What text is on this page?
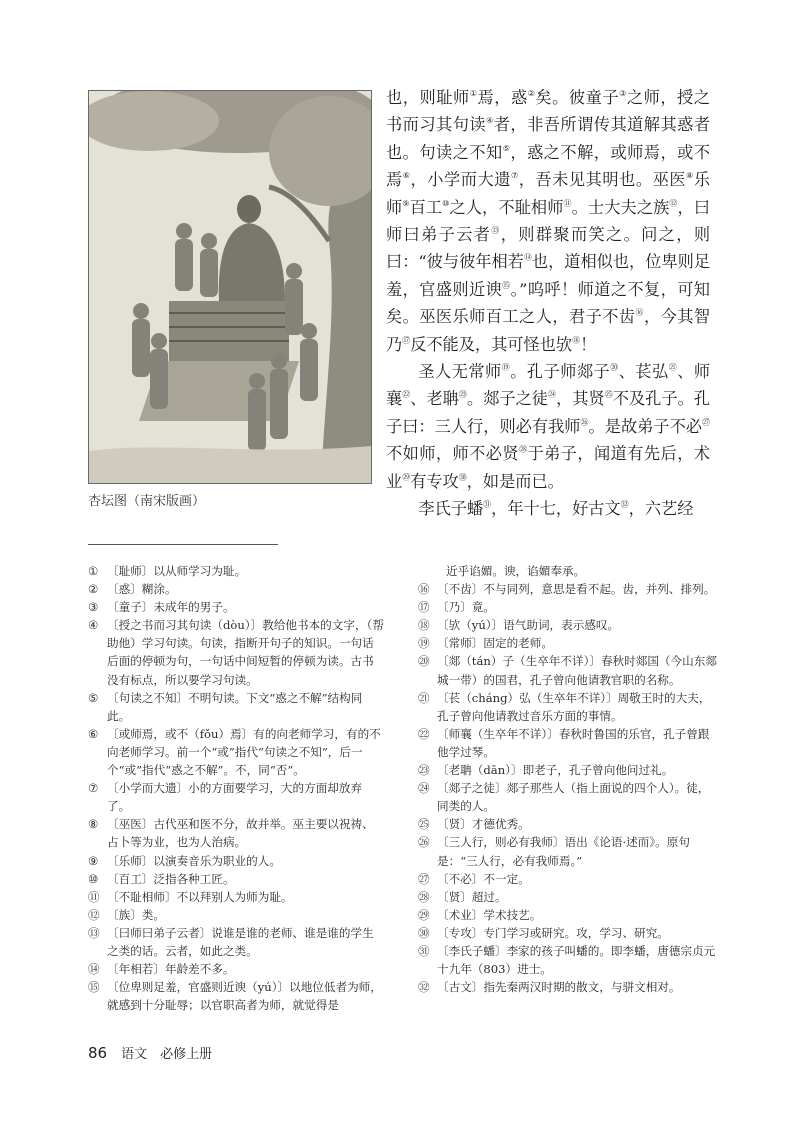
杏坛图（南宋版画）

也，则耻师①焉，惑②矣。彼童子③之师，授之书而习其句读④者，非吾所谓传其道解其惑者也。句读之不知⑤，惑之不解，或师焉，或不焉⑥，小学而大遗⑦，吾未见其明也。巫医⑧乐师⑨百工⑩之人，不耻相师⑪。士大夫之族⑫，曰师曰弟子云者⑬，则群聚而笑之。问之，则曰：“彼与彼年相若⑭也，道相似也，位卑则足羞，官盛则近谀⑮。”呜呼！师道之不复，可知矣。巫医乐师百工之人，君子不齿⑯，今其智乃⑰反不能及，其可怪也欤⑱！

圣人无常师⑲。孔子师郯子⑳、苌弘$^㉑$、师襄$^㉒$、老聃$^㉓$。郯子之徒$^㉔$，其贤$^㉕$不及孔子。孔子曰：三人行，则必有我师$^㉖$。是故弟子不必$^㉗$不如师，师不必贤$^㉘$于弟子，闻道有先后，术业$^㉙$有专攻$^㉚$，如是而已。

李氏子蟠$^㉛$，年十七，好古文$^㉜$，六艺经

① 〔耻师〕以从师学习为耻。
② 〔惑〕糊涂。
③ 〔童子〕未成年的男子。
④ 〔授之书而习其句读（dòu）〕教给他书本的文字，（帮助他）学习句读。句读，指断开句子的知识。一句话后面的停顿为句，一句话中间短暂的停顿为读。古书没有标点，所以要学习句读。
⑤ 〔句读之不知〕不明句读。下文“惑之不解”结构同此。
⑥ 〔或师焉，或不（fǒu）焉〕有的向老师学习，有的不向老师学习。前一个“或”指代“句读之不知”，后一个“或”指代“惑之不解”。不，同“否”。
⑦ 〔小学而大遗〕小的方面要学习，大的方面却放弃了。
⑧ 〔巫医〕古代巫和医不分，故并举。巫主要以祝祷、占卜等为业，也为人治病。
⑨ 〔乐师〕以演奏音乐为职业的人。
⑩ 〔百工〕泛指各种工匠。
⑪ 〔不耻相师〕不以拜别人为师为耻。
⑫ 〔族〕类。
⑬ 〔曰师曰弟子云者〕说谁是谁的老师、谁是谁的学生之类的话。云者，如此之类。
⑭ 〔年相若〕年龄差不多。
⑮ 〔位卑则足羞，官盛则近谀（yú）〕以地位低者为师，就感到十分耻辱；以官职高者为师，就觉得是
近乎谄媚。谀，谄媚奉承。
⑯ 〔不齿〕不与同列，意思是看不起。齿，并列、排列。
⑰ 〔乃〕竟。
⑱ 〔欤（yú）〕语气助词，表示感叹。
⑲ 〔常师〕固定的老师。
⑳ 〔郯（tán）子（生卒年不详）〕春秋时郯国（今山东郯城一带）的国君，孔子曾向他请教官职的名称。
㉑ 〔苌（cháng）弘（生卒年不详）〕周敬王时的大夫，孔子曾向他请教过音乐方面的事情。
㉒ 〔师襄（生卒年不详）〕春秋时鲁国的乐官，孔子曾跟他学过琴。
㉓ 〔老聃（dān）〕即老子，孔子曾向他问过礼。
㉔ 〔郯子之徒〕郯子那些人（指上面说的四个人）。徒，同类的人。
㉕ 〔贤〕才德优秀。
㉖ 〔三人行，则必有我师〕语出《论语·述而》。原句是：“三人行，必有我师焉。”
㉗ 〔不必〕不一定。
㉘ 〔贤〕超过。
㉙ 〔术业〕学术技艺。
㉚ 〔专攻〕专门学习或研究。攻，学习、研究。
㉛ 〔李氏子蟠〕李家的孩子叫蟠的。即李蟠，唐德宗贞元十九年（803）进士。
㉜ 〔古文〕指先秦两汉时期的散文，与骈文相对。
86 语文　必修上册
